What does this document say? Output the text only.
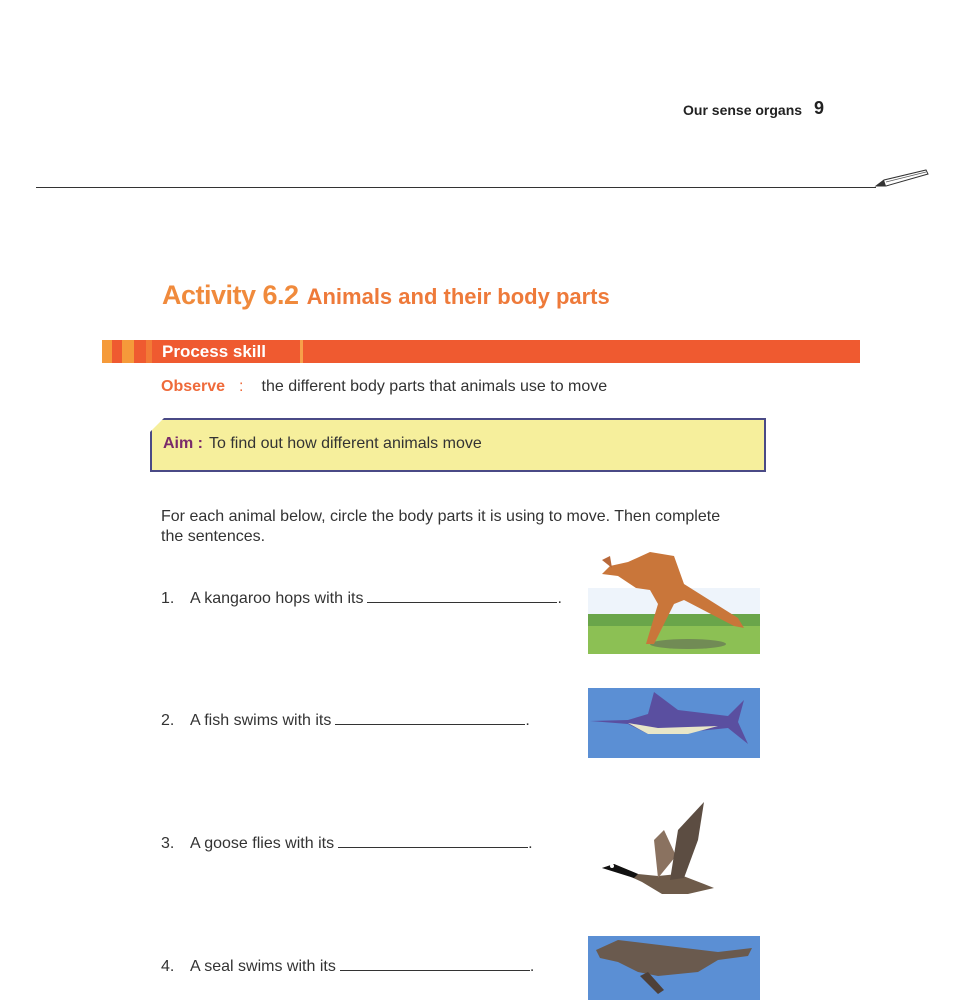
Our sense organs 9
Activity 6.2 Animals and their body parts
Process skill
Observe : the different body parts that animals use to move
Aim : To find out how different animals move
For each animal below, circle the body parts it is using to move. Then complete the sentences.
1. A kangaroo hops with its	.
2. A fish swims with its	.
3. A goose flies with its	.
4. A seal swims with its	.
